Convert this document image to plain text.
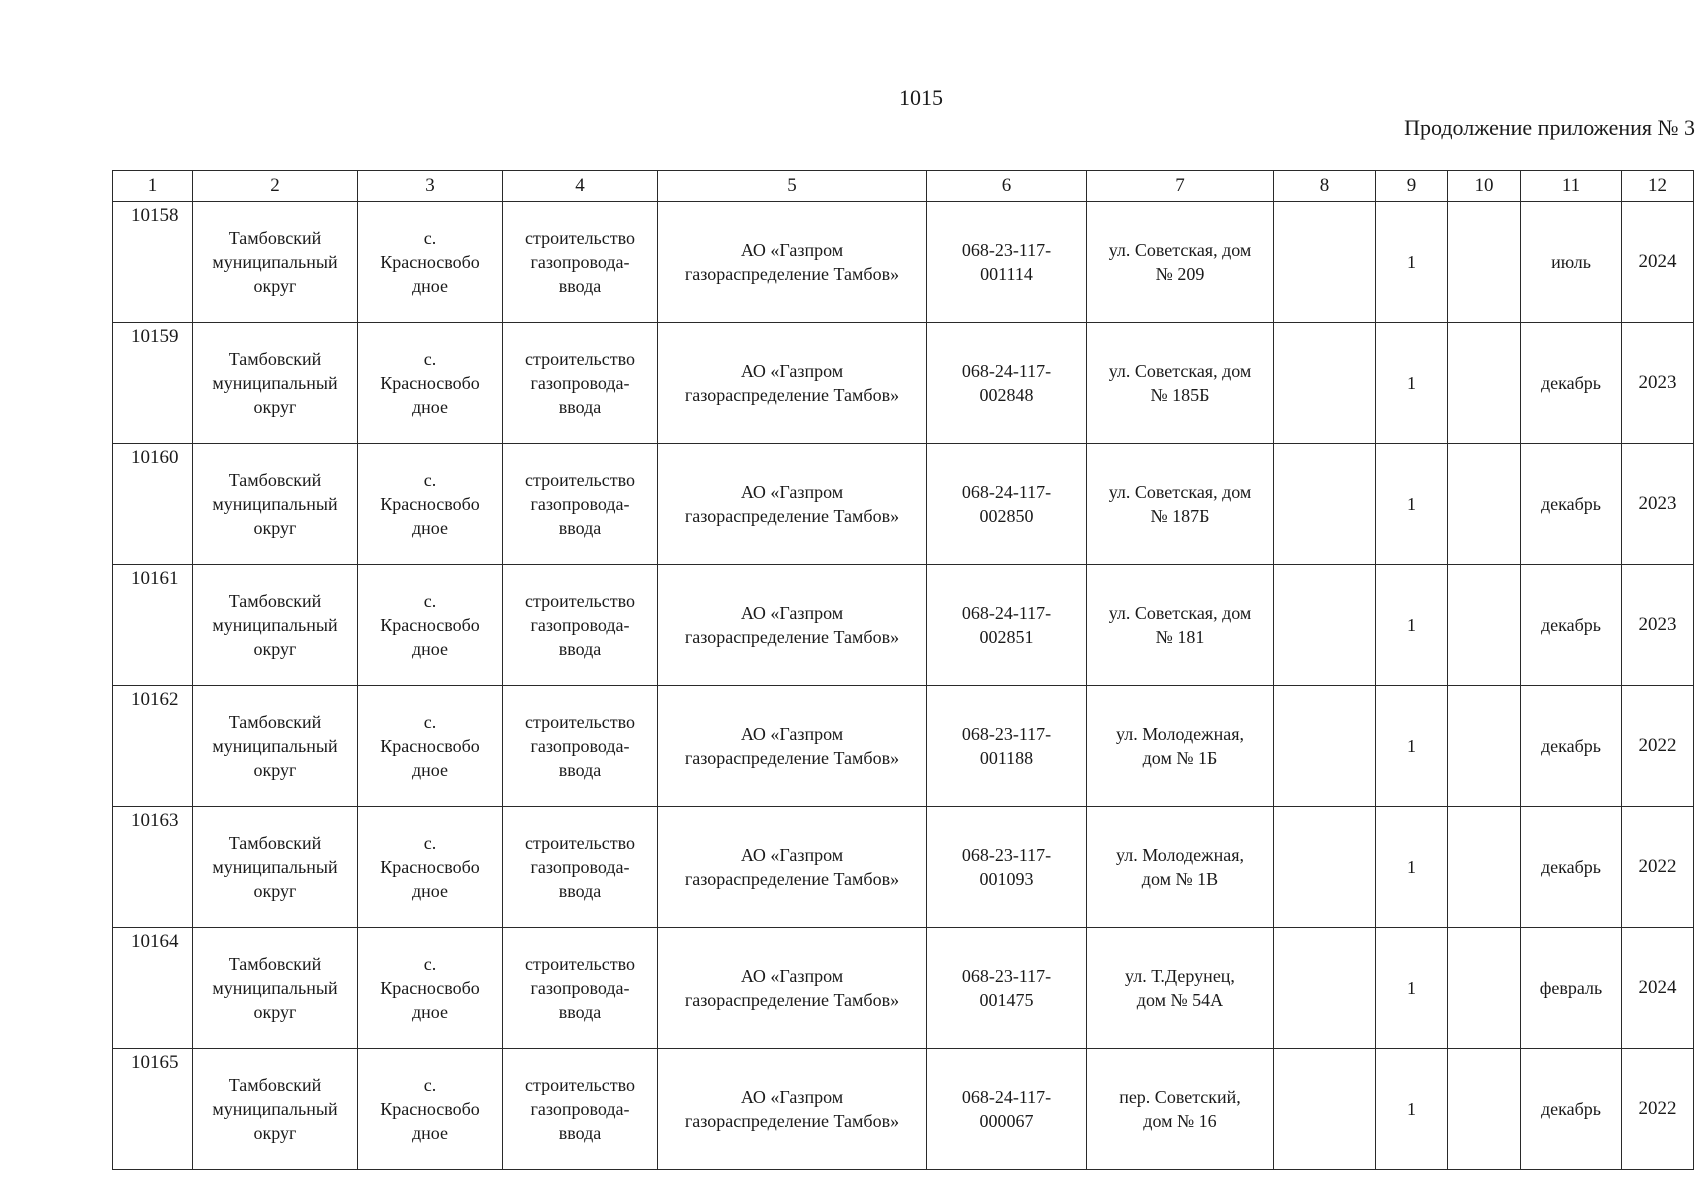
1015
Продолжение приложения № 3
1	2	3	4	5	6	7	8	9	10	11	12
10158	Тамбовский
муниципальный
округ	с.
Красносвобо
дное	строительство
газопровода-
ввода	АО «Газпром
газораспределение Тамбов»	068-23-117-
001114	ул. Советская, дом
№ 209		1		июль	2024

10159	Тамбовский
муниципальный
округ	с.
Красносвобо
дное	строительство
газопровода-
ввода	АО «Газпром
газораспределение Тамбов»	068-24-117-
002848	ул. Советская, дом
№ 185Б		1		декабрь	2023

10160	Тамбовский
муниципальный
округ	с.
Красносвобо
дное	строительство
газопровода-
ввода	АО «Газпром
газораспределение Тамбов»	068-24-117-
002850	ул. Советская, дом
№ 187Б		1		декабрь	2023

10161	Тамбовский
муниципальный
округ	с.
Красносвобо
дное	строительство
газопровода-
ввода	АО «Газпром
газораспределение Тамбов»	068-24-117-
002851	ул. Советская, дом
№ 181		1		декабрь	2023

10162	Тамбовский
муниципальный
округ	с.
Красносвобо
дное	строительство
газопровода-
ввода	АО «Газпром
газораспределение Тамбов»	068-23-117-
001188	ул. Молодежная,
дом № 1Б		1		декабрь	2022

10163	Тамбовский
муниципальный
округ	с.
Красносвобо
дное	строительство
газопровода-
ввода	АО «Газпром
газораспределение Тамбов»	068-23-117-
001093	ул. Молодежная,
дом № 1В		1		декабрь	2022

10164	Тамбовский
муниципальный
округ	с.
Красносвобо
дное	строительство
газопровода-
ввода	АО «Газпром
газораспределение Тамбов»	068-23-117-
001475	ул. Т.Дерунец,
дом № 54А		1		февраль	2024

10165	Тамбовский
муниципальный
округ	с.
Красносвобо
дное	строительство
газопровода-
ввода	АО «Газпром
газораспределение Тамбов»	068-24-117-
000067	пер. Советский,
дом № 16		1		декабрь	2022
